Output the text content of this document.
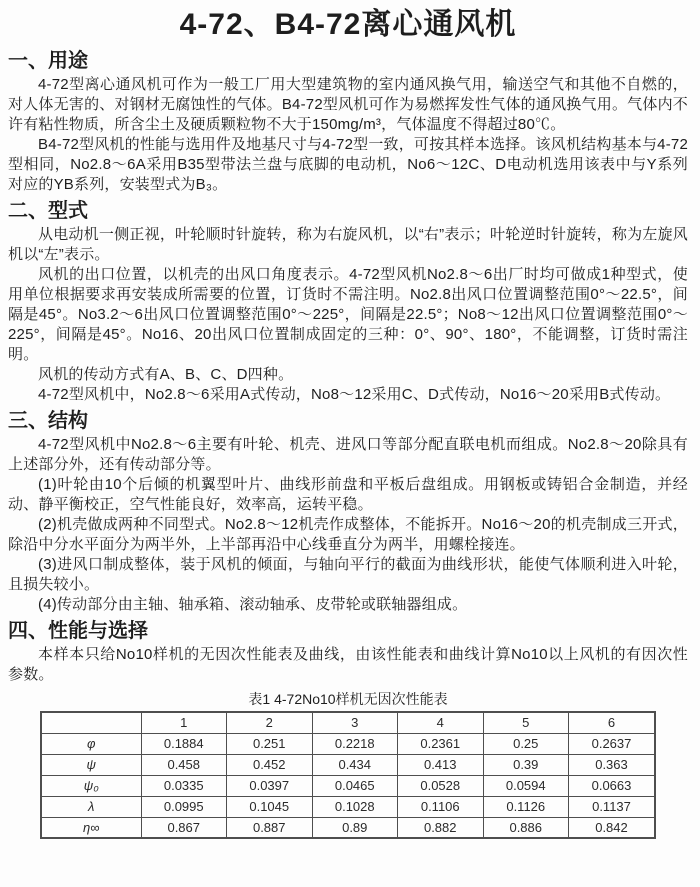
4-72、B4-72离心通风机
一、用途

4-72型离心通风机可作为一般工厂用大型建筑物的室内通风换气用，输送空气和其他不自燃的，对人体无害的、对钢材无腐蚀性的气体。B4-72型风机可作为易燃挥发性气体的通风换气用。气体内不许有粘性物质，所含尘土及硬质颗粒物不大于150mg/m³，气体温度不得超过80℃。

B4-72型风机的性能与选用件及地基尺寸与4-72型一致，可按其样本选择。该风机结构基本与4-72型相同，No2.8～6A采用B35型带法兰盘与底脚的电动机，No6～12C、D电动机选用该表中与Y系列对应的YB系列，安装型式为B₃。

二、型式

从电动机一侧正视，叶轮顺时针旋转，称为右旋风机，以“右”表示；叶轮逆时针旋转，称为左旋风机以“左”表示。

风机的出口位置，以机壳的出风口角度表示。4-72型风机No2.8～6出厂时均可做成1种型式，使用单位根据要求再安装成所需要的位置，订货时不需注明。No2.8出风口位置调整范围0°～22.5°，间隔是45°。No3.2～6出风口位置调整范围0°～225°，间隔是22.5°；No8～12出风口位置调整范围0°～225°，间隔是45°。No16、20出风口位置制成固定的三种：0°、90°、180°，不能调整，订货时需注明。

风机的传动方式有A、B、C、D四种。

4-72型风机中，No2.8～6采用A式传动，No8～12采用C、D式传动，No16～20采用B式传动。

三、结构

4-72型风机中No2.8～6主要有叶轮、机壳、进风口等部分配直联电机而组成。No2.8～20除具有上述部分外，还有传动部分等。

(1)叶轮由10个后倾的机翼型叶片、曲线形前盘和平板后盘组成。用钢板或铸铝合金制造，并经动、静平衡校正，空气性能良好，效率高，运转平稳。

(2)机壳做成两种不同型式。No2.8～12机壳作成整体，不能拆开。No16～20的机壳制成三开式，除沿中分水平面分为两半外，上半部再沿中心线垂直分为两半，用螺栓接连。

(3)进风口制成整体，装于风机的倾面，与轴向平行的截面为曲线形状，能使气体顺利进入叶轮，且损失较小。

(4)传动部分由主轴、轴承箱、滚动轴承、皮带轮或联轴器组成。

四、性能与选择

本样本只给No10样机的无因次性能表及曲线，由该性能表和曲线计算No10以上风机的有因次性参数。

表1 4-72No10样机无因次性能表
	1	2	3	4	5	6
φ	0.1884	0.251	0.2218	0.2361	0.25	0.2637
ψ	0.458	0.452	0.434	0.413	0.39	0.363
ψ₀	0.0335	0.0397	0.0465	0.0528	0.0594	0.0663
λ	0.0995	0.1045	0.1028	0.1106	0.1126	0.1137
η∞	0.867	0.887	0.89	0.882	0.886	0.842
